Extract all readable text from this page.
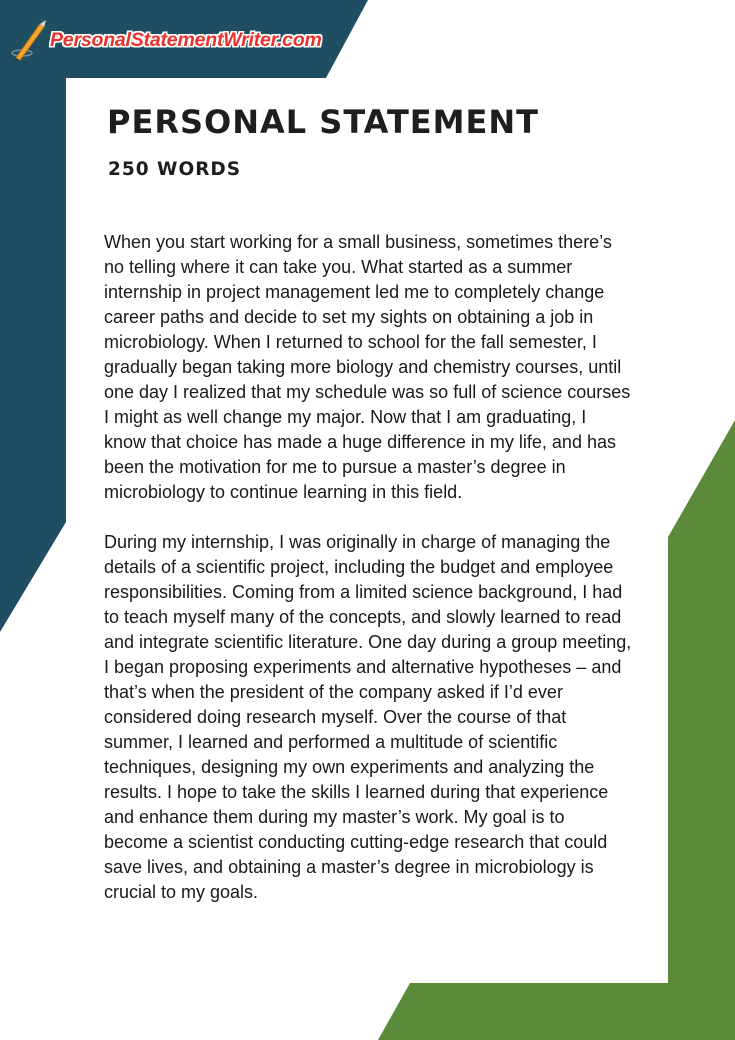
PersonalStatementWriter.com
PERSONAL STATEMENT
250 WORDS

When you start working for a small business, sometimes there’s no telling where it can take you. What started as a summer internship in project management led me to completely change career paths and decide to set my sights on obtaining a job in microbiology. When I returned to school for the fall semester, I gradually began taking more biology and chemistry courses, until one day I realized that my schedule was so full of science courses I might as well change my major. Now that I am graduating, I know that choice has made a huge difference in my life, and has been the motivation for me to pursue a master’s degree in microbiology to continue learning in this field.

During my internship, I was originally in charge of managing the details of a scientific project, including the budget and employee responsibilities. Coming from a limited science background, I had to teach myself many of the concepts, and slowly learned to read and integrate scientific literature. One day during a group meeting, I began proposing experiments and alternative hypotheses – and that’s when the president of the company asked if I’d ever considered doing research myself. Over the course of that summer, I learned and performed a multitude of scientific techniques, designing my own experiments and analyzing the results. I hope to take the skills I learned during that experience and enhance them during my master’s work. My goal is to become a scientist conducting cutting-edge research that could save lives, and obtaining a master’s degree in microbiology is crucial to my goals.
